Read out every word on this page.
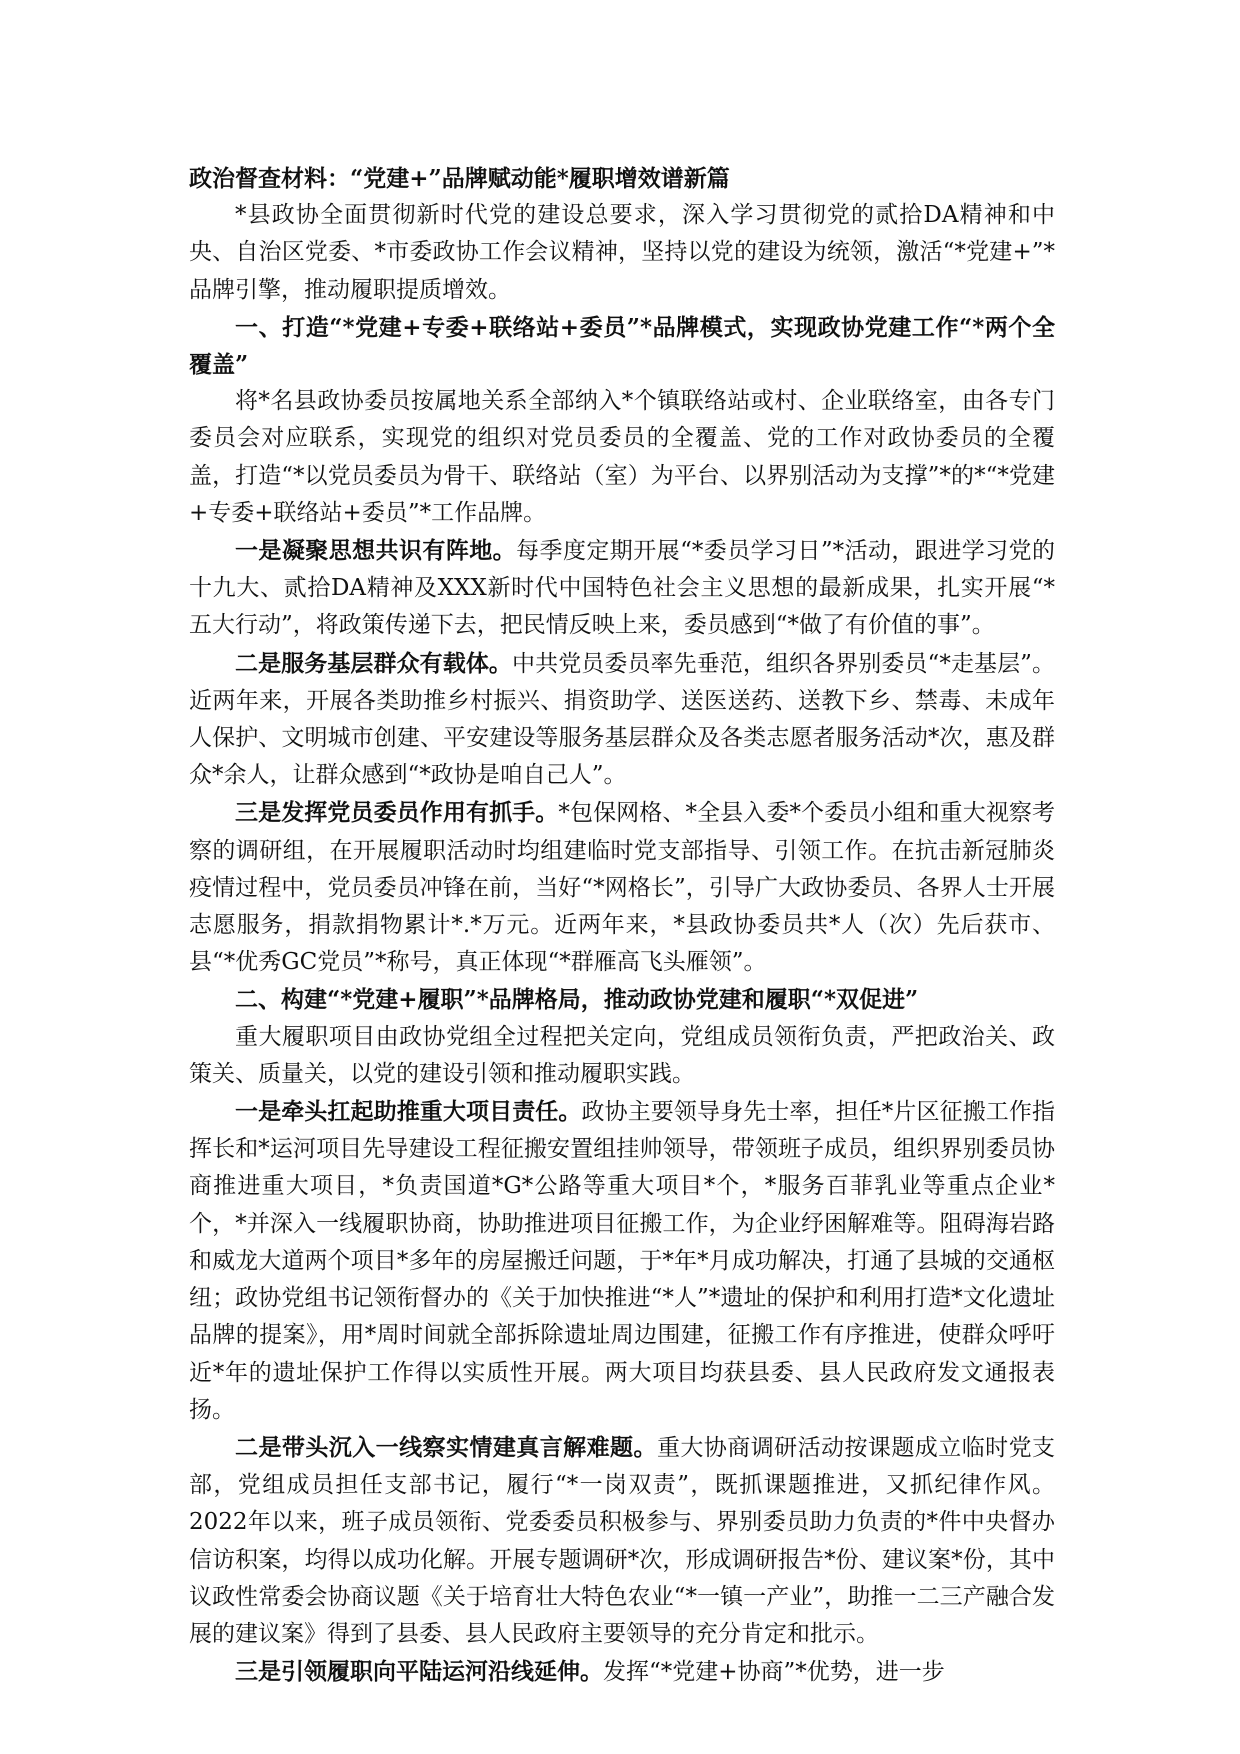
政治督查材料：“党建+”品牌赋动能*履职增效谱新篇

*县政协全面贯彻新时代党的建设总要求，深入学习贯彻党的贰拾DA精神和中央、自治区党委、*市委政协工作会议精神，坚持以党的建设为统领，激活“*党建+”*品牌引擎，推动履职提质增效。

一、打造“*党建+专委+联络站+委员”*品牌模式，实现政协党建工作“*两个全覆盖”

将*名县政协委员按属地关系全部纳入*个镇联络站或村、企业联络室，由各专门委员会对应联系，实现党的组织对党员委员的全覆盖、党的工作对政协委员的全覆盖，打造“*以党员委员为骨干、联络站（室）为平台、以界别活动为支撑”*的*“*党建+专委+联络站+委员”*工作品牌。

一是凝聚思想共识有阵地。每季度定期开展“*委员学习日”*活动，跟进学习党的十九大、贰拾DA精神及XXX新时代中国特色社会主义思想的最新成果，扎实开展“*五大行动”，将政策传递下去，把民情反映上来，委员感到“*做了有价值的事”。

二是服务基层群众有载体。中共党员委员率先垂范，组织各界别委员“*走基层”。近两年来，开展各类助推乡村振兴、捐资助学、送医送药、送教下乡、禁毒、未成年人保护、文明城市创建、平安建设等服务基层群众及各类志愿者服务活动*次，惠及群众*余人，让群众感到“*政协是咱自己人”。

三是发挥党员委员作用有抓手。*包保网格、*全县入委*个委员小组和重大视察考察的调研组，在开展履职活动时均组建临时党支部指导、引领工作。在抗击新冠肺炎疫情过程中，党员委员冲锋在前，当好“*网格长”，引导广大政协委员、各界人士开展志愿服务，捐款捐物累计*.*万元。近两年来，*县政协委员共*人（次）先后获市、县“*优秀GC党员”*称号，真正体现“*群雁高飞头雁领”。

二、构建“*党建+履职”*品牌格局，推动政协党建和履职“*双促进”

重大履职项目由政协党组全过程把关定向，党组成员领衔负责，严把政治关、政策关、质量关，以党的建设引领和推动履职实践。

一是牵头扛起助推重大项目责任。政协主要领导身先士率，担任*片区征搬工作指挥长和*运河项目先导建设工程征搬安置组挂帅领导，带领班子成员，组织界别委员协商推进重大项目，*负责国道*G*公路等重大项目*个，*服务百菲乳业等重点企业*个，*并深入一线履职协商，协助推进项目征搬工作，为企业纾困解难等。阻碍海岩路和威龙大道两个项目*多年的房屋搬迁问题，于*年*月成功解决，打通了县城的交通枢纽；政协党组书记领衔督办的《关于加快推进“*人”*遗址的保护和利用打造*文化遗址品牌的提案》，用*周时间就全部拆除遗址周边围建，征搬工作有序推进，使群众呼吁近*年的遗址保护工作得以实质性开展。两大项目均获县委、县人民政府发文通报表扬。

二是带头沉入一线察实情建真言解难题。重大协商调研活动按课题成立临时党支部，党组成员担任支部书记，履行“*一岗双责”，既抓课题推进，又抓纪律作风。2022年以来，班子成员领衔、党委委员积极参与、界别委员助力负责的*件中央督办信访积案，均得以成功化解。开展专题调研*次，形成调研报告*份、建议案*份，其中议政性常委会协商议题《关于培育壮大特色农业“*一镇一产业”，助推一二三产融合发展的建议案》得到了县委、县人民政府主要领导的充分肯定和批示。

三是引领履职向平陆运河沿线延伸。发挥“*党建+协商”*优势，进一步
